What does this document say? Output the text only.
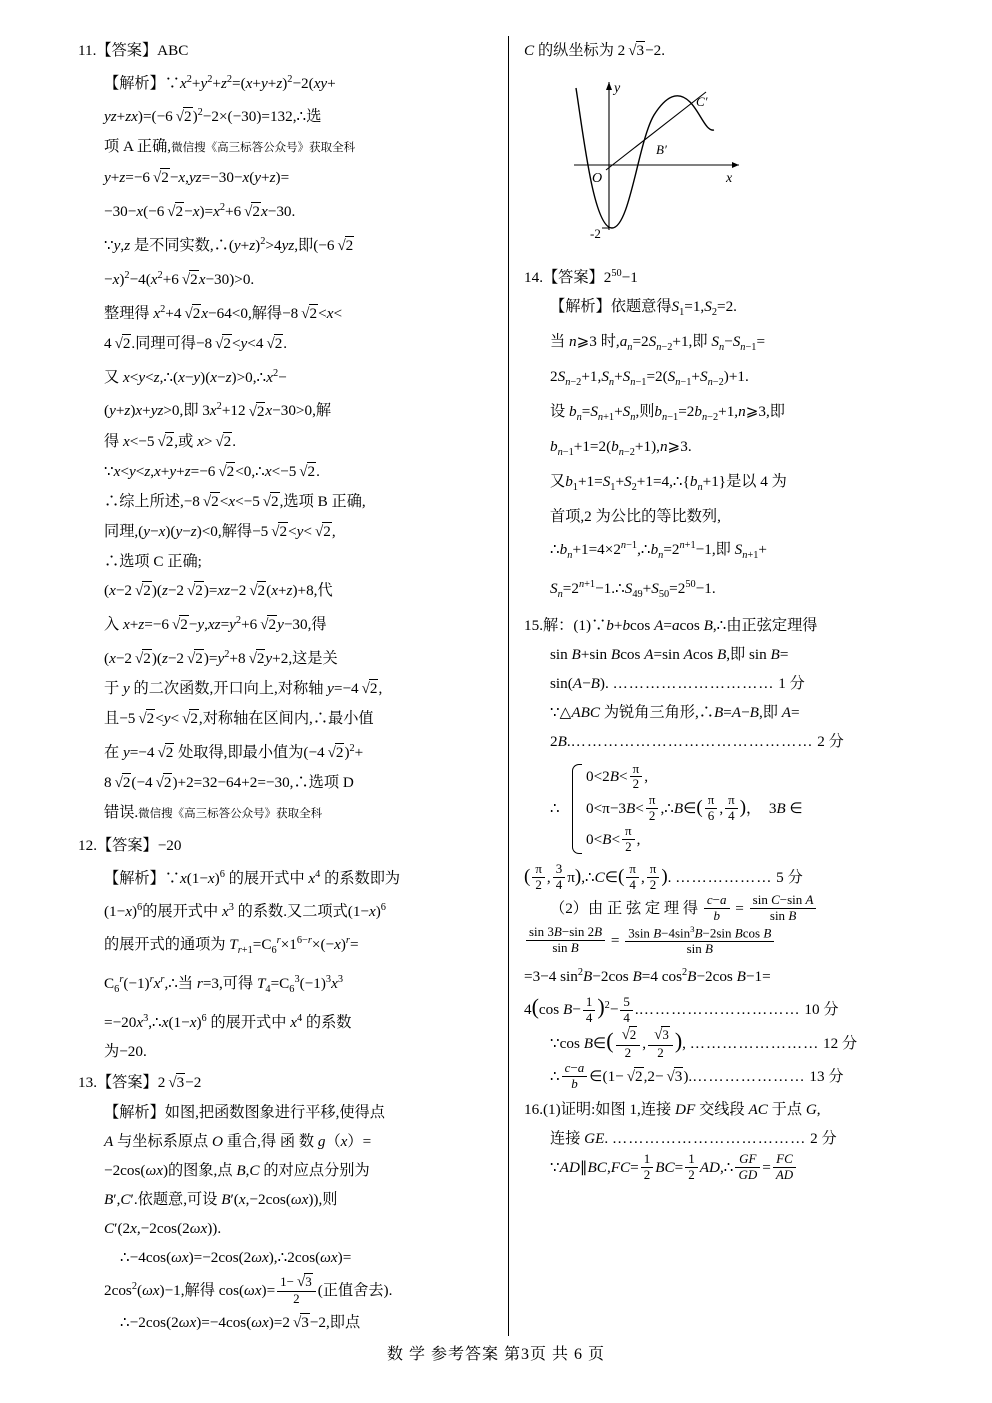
11.【答案】ABC
【解析】$\because x^2+y^2+z^2=(x+y+z)^2-2(xy+$
yz+zx)=(−6 √2)$^2$−2×(−30)=132,∴选
项 A 正确,微信搜《高三标答公众号》获取全科
y+z=−6 √2−x,yz=−30−x(y+z)=
−30−x(−6 $√2-x)=x^2+6$ √2x−30.
∵y,z 是不同实数$,\therefore(y+z)^2>4yz$,即(−6 √2
$-x)^2-4(x^2+6$ √2x−30)>0.
整理得 $x^2+4$ √2x−64<0,解得−8 √2<x<
4 √2.同理可得−8 √2<y<4 √2.
又 $x<y<z,\therefore(x-y)(x-z)>0,\therefore x^2-$
(y+z)x+yz>0,即 $3x^2+12$ √2x−30>0,解
得 x<−5 √2,或 x> √2.
∵x<y<z,x+y+z=−6 √2<0,∴x<−5 √2.
∴综上所述,−8 √2<x<−5 √2,选项 B 正确,
同理,(y−x)(y−z)<0,解得−5 √2<y< √2,
∴选项 C 正确;
(x−2 √2)(z−2 √2)=xz−2 √2(x+z)+8,代
入 x+z=−6 $√2-y,xz=y^2+6$ √2y−30,得
(x−2 √2)(z−2 $√2)=y^2+8$ √2y+2,这是关
于 y 的二次函数,开口向上,对称轴 y=−4 √2,
且−5 √2<y< √2,对称轴在区间内,∴最小值
在 y=−4 √2 处取得,即最小值为(−4 √2)$^2$+
8 √2(−4 √2)+2=32−64+2=−30,∴选项 D
错误.微信搜《高三标答公众号》获取全科
12.【答案】−20
【解析】$\because x(1-x)^6$ 的展开式中 $x^4$ 的系数即为
$(1-x)^6$的展开式中 $x^3$ 的系数.又二项式$(1-x)^6$
的展开式的通项为 $T_{r+1}=C_6^r\times 1^{6-r}\times(-x)^r=$
$C_6^r(-1)^rx^r,\therefore$当 r=3,可得 $T_4=C_6^3(-1)^3x^3$
$=-20x^3,\therefore x(1-x)^6$ 的展开式中 $x^4$ 的系数
为−20.
13.【答案】2 √3−2
【解析】如图,把函数图象进行平移,使得点
A 与坐标系原点 O 重合,得 函 数 g（x）=
−2cos(ωx)的图象,点 B,C 的对应点分别为
B′,C′.依题意,可设 B′(x,−2cos(ωx)),则
C′(2x,−2cos(2ωx)).
∴−4cos(ωx)=−2cos(2ωx),∴2cos(ωx)=
$2\cos^2(\omega x)-1$,解得 $\cos(\omega x)= \frac{1- √3}{2}$ (正值舍去).
∴−2cos(2ωx)=−4cos(ωx)=2 √3−2,即点
C 的纵坐标为 2 √3−2.
y
x
O
B′
C′
-2
14.【答案】$2^{50}-1$
【解析】依题意得$S_1=1,S_2=2$.
当 n⩾3 时$,a_n=2S_{n-2}+1$,即 $S_n-S_{n-1}=$
$2S_{n-2}+1,S_n+S_{n-1}=2(S_{n-1}+S_{n-2})+1$.
设 $b_n=S_{n+1}+S_n$,则$b_{n-1}=2b_{n-2}+1,n⩾3$,即
$b_{n-1}+1=2(b_{n-2}+1),n⩾3$.
又$b_1+1=S_1+S_2+1=4,\therefore\{b_n+1\}$是以 4 为
首项,2 为公比的等比数列,
$\therefore b_n+1=4\times 2^{n-1},\therefore b_n=2^{n+1}-1$,即 $S_{n+1}+$
$S_n=2^{n+1}-1.\therefore S_{49}+S_{50}=2^{50}-1$.
15.解：(1)∵b+bcos A=acos B,∴由正弦定理得
sin B+sin Bcos A=sin Acos B,即 sin B=
sin(A−B). ………………………… 1 分
∵△ABC 为锐角三角形,∴B=A−B,即 A=
2B.……………………………………… 2 分
∴
$0<2B< \frac{\pi}{2}$ ,
$0<\pi-3B< \frac{\pi}{2}$ ,∴B∈( $\frac{\pi}{6}$ , $\frac{\pi}{4}$ )，  3B ∈
$0<B< \frac{\pi}{2}$ ,
( $\frac{\pi}{2}$ , $\frac{3}{4}$ π),∴C∈( $\frac{\pi}{4}$ , $\frac{\pi}{2}$ ). ……………… 5 分
（2）由 正 弦 定 理 得 $\frac{c-a}{b} = \frac{\text{sin C−sin A}}{\text{sin B}}$
$\frac{\sin 3B-\sin 2B}{\text{sin B}} = \frac{3\sin B-4\sin^3B-2\sin Bcos B}{\text{sin B}}$
=3−4 $\sin^2B-2\cos$ B=4 $\cos^2B-2\cos$ B−1=
4(cos $B- \frac{1}{4} )^2- \frac{5}{4}$ .………………………… 10 分
∵cos B∈( $\frac{√2}{2}$ , $\frac{√3}{2}$ ), …………………… 12 分
∴ $\frac{c-a}{b}$ ∈(1− √2,2− √3).………………… 13 分
16.(1)证明:如图 1,连接 DF 交线段 AC 于点 G,
连接 GE. ……………………………… 2 分
∵AD∥BC,FC= $\frac{1}{2} BC= \frac{1}{2}$ AD,∴ $\frac{GF}{GD} = \frac{FC}{AD}$
数 学 参考答案 第3页 共 6 页
